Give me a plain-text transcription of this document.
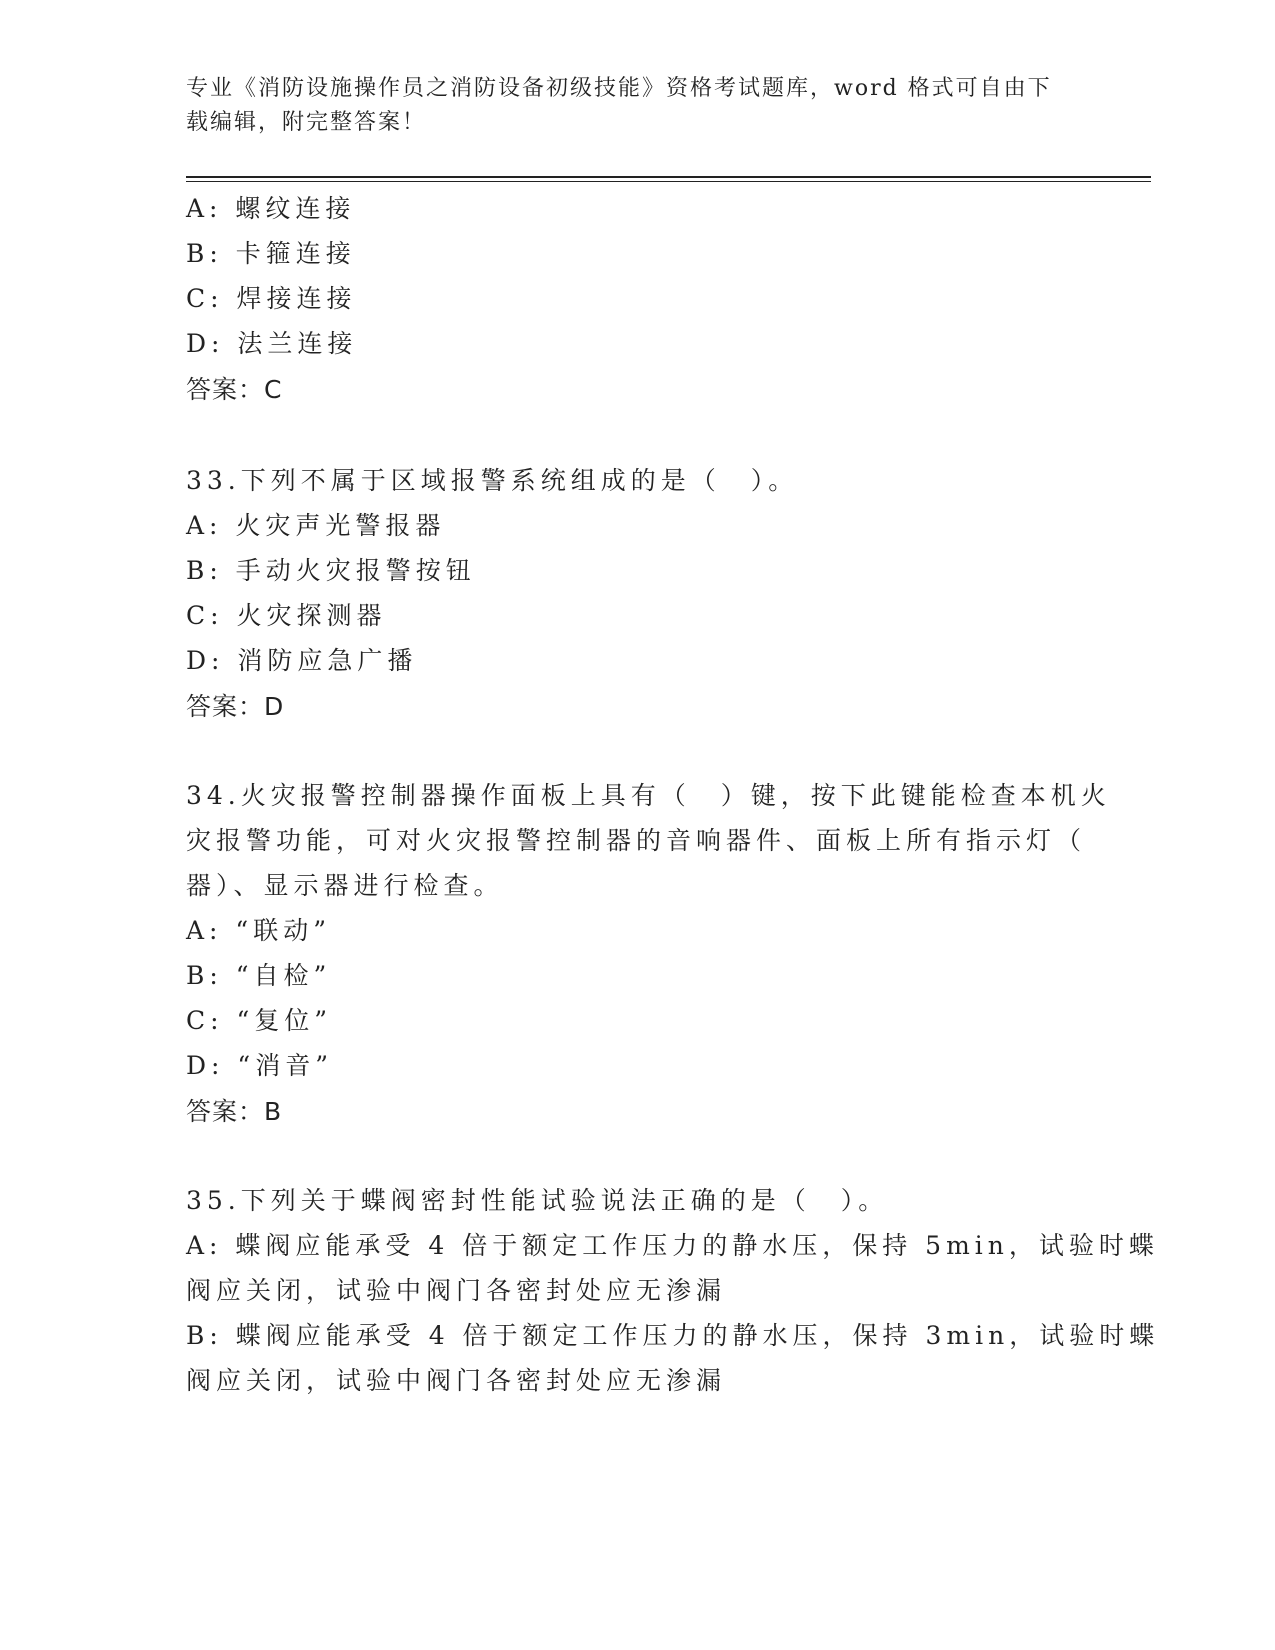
专业《消防设施操作员之消防设备初级技能》资格考试题库，word 格式可自由下
载编辑，附完整答案！
A: 螺纹连接
B: 卡箍连接
C: 焊接连接
D: 法兰连接
答案：C
33.下列不属于区域报警系统组成的是（　）。
A: 火灾声光警报器
B: 手动火灾报警按钮
C: 火灾探测器
D: 消防应急广播
答案：D
34.火灾报警控制器操作面板上具有（　）键，按下此键能检查本机火
灾报警功能，可对火灾报警控制器的音响器件、面板上所有指示灯（
器）、显示器进行检查。
A: “联动”
B: “自检”
C: “复位”
D: “消音”
答案：B
35.下列关于蝶阀密封性能试验说法正确的是（　）。
A: 蝶阀应能承受 4 倍于额定工作压力的静水压，保持 5min，试验时蝶
阀应关闭，试验中阀门各密封处应无渗漏
B: 蝶阀应能承受 4 倍于额定工作压力的静水压，保持 3min，试验时蝶
阀应关闭，试验中阀门各密封处应无渗漏
